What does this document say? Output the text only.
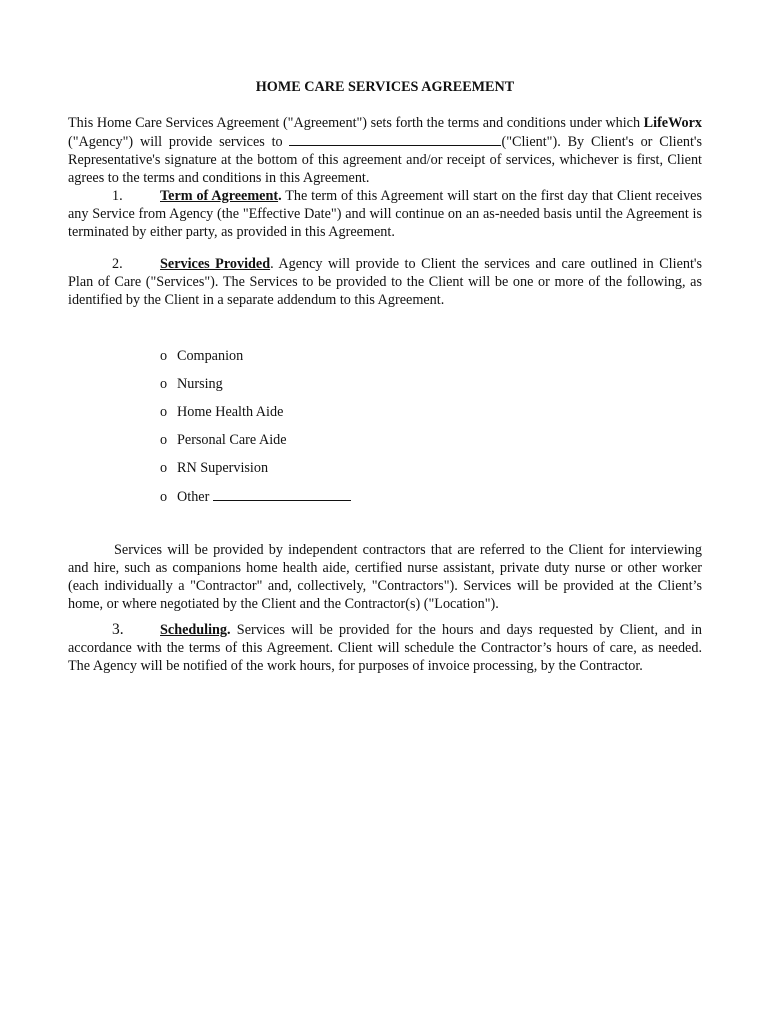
HOME CARE SERVICES AGREEMENT

This Home Care Services Agreement ("Agreement") sets forth the terms and conditions under which LifeWorx ("Agency") will provide services to	("Client"). By Client's or Client's Representative's signature at the bottom of this agreement and/or receipt of services, whichever is first, Client agrees to the terms and conditions in this Agreement.

1.	Term of Agreement. The term of this Agreement will start on the first day that Client receives any Service from Agency (the "Effective Date") and will continue on an as-needed basis until the Agreement is terminated by either party, as provided in this Agreement.

2.	Services Provided. Agency will provide to Client the services and care outlined in Client's Plan of Care ("Services"). The Services to be provided to the Client will be one or more of the following, as identified by the Client in a separate addendum to this Agreement.

o Companion
o Nursing
o Home Health Aide
o Personal Care Aide
o RN Supervision
o Other

Services will be provided by independent contractors that are referred to the Client for interviewing and hire, such as companions home health aide, certified nurse assistant, private duty nurse or other worker (each individually a "Contractor" and, collectively, "Contractors"). Services will be provided at the Client’s home, or where negotiated by the Client and the Contractor(s) ("Location").

3.	Scheduling. Services will be provided for the hours and days requested by Client, and in accordance with the terms of this Agreement. Client will schedule the Contractor’s hours of care, as needed. The Agency will be notified of the work hours, for purposes of invoice processing, by the Contractor.
